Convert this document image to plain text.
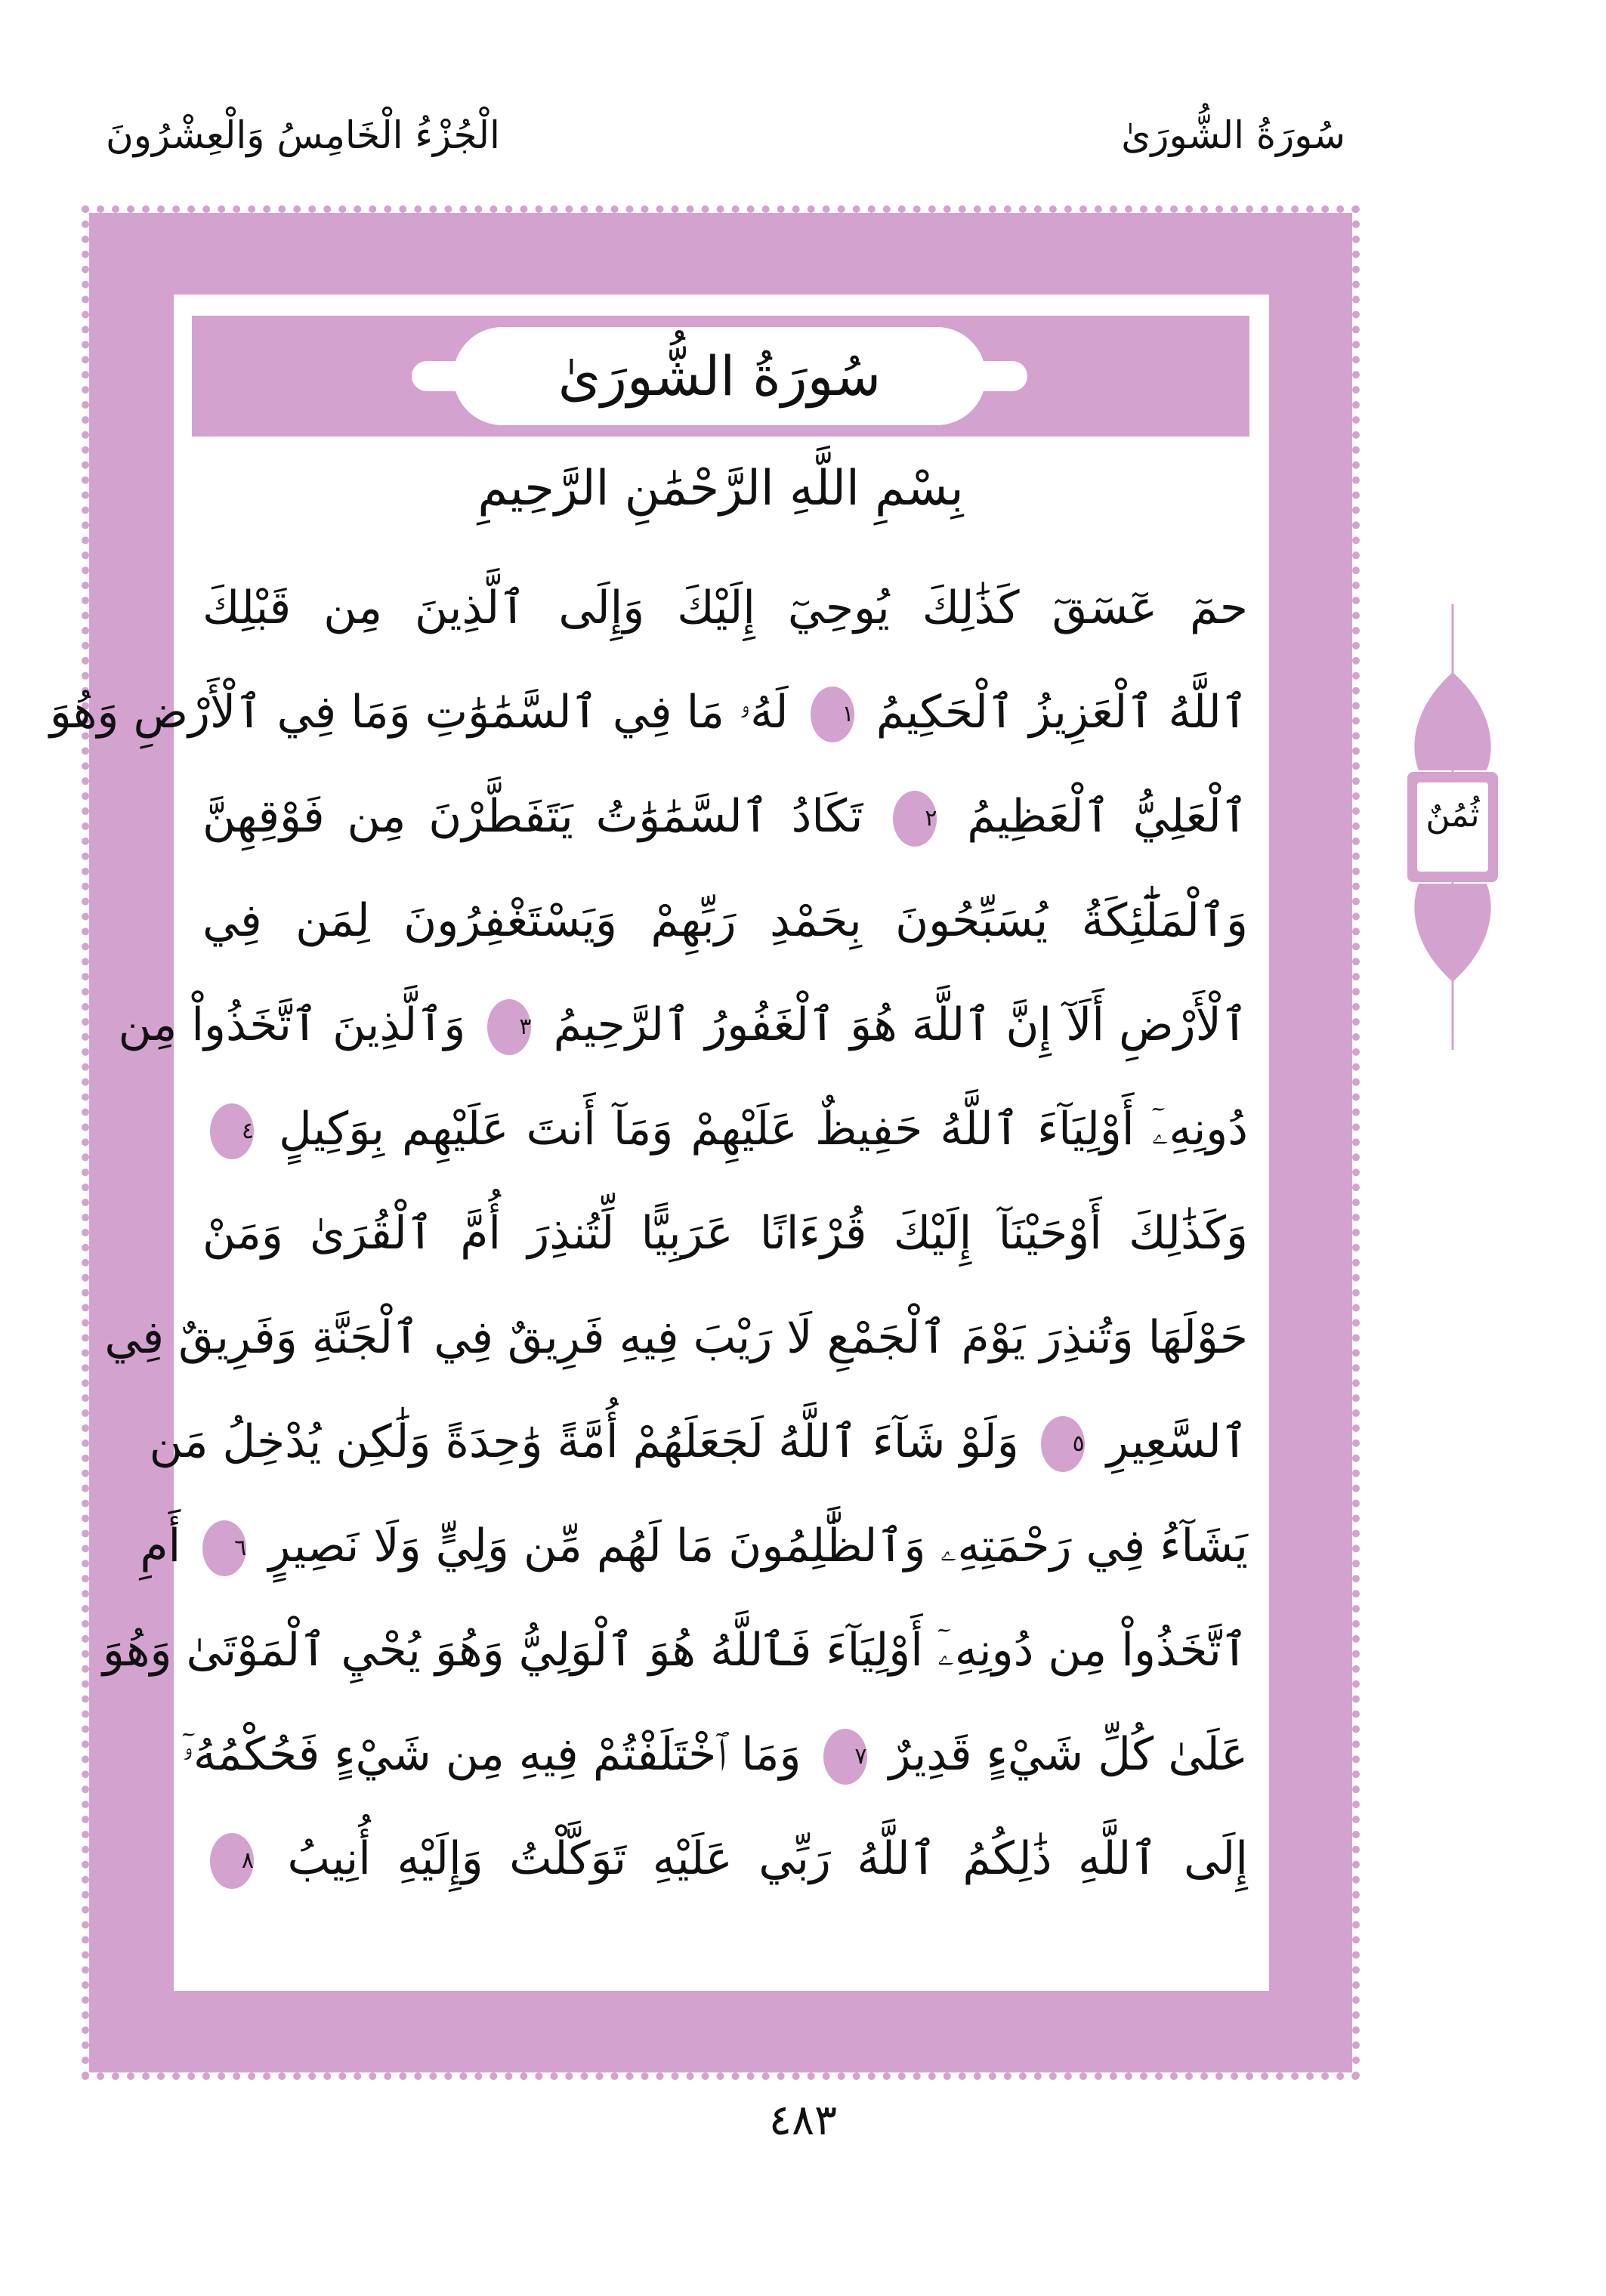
سُورَةُ الشُّورَىٰ
الْجُزْءُ الْخَامِسُ وَالْعِشْرُونَ
سُورَةُ الشُّورَىٰ
بِسْمِ اللَّهِ الرَّحْمَٰنِ الرَّحِيمِ
حمٓ عٓسٓقٓ كَذَٰلِكَ يُوحِيٓ إِلَيْكَ وَإِلَى ٱلَّذِينَ مِن قَبْلِكَ
ٱللَّهُ ٱلْعَزِيزُ ٱلْحَكِيمُ ١ لَهُۥ مَا فِي ٱلسَّمَٰوَٰتِ وَمَا فِي ٱلْأَرْضِ وَهُوَ
ٱلْعَلِيُّ ٱلْعَظِيمُ ٢ تَكَادُ ٱلسَّمَٰوَٰتُ يَتَفَطَّرْنَ مِن فَوْقِهِنَّ
وَٱلْمَلَٰٓئِكَةُ يُسَبِّحُونَ بِحَمْدِ رَبِّهِمْ وَيَسْتَغْفِرُونَ لِمَن فِي
ٱلْأَرْضِ أَلَآ إِنَّ ٱللَّهَ هُوَ ٱلْغَفُورُ ٱلرَّحِيمُ ٣ وَٱلَّذِينَ ٱتَّخَذُواْ مِن
دُونِهِۦٓ أَوْلِيَآءَ ٱللَّهُ حَفِيظٌ عَلَيْهِمْ وَمَآ أَنتَ عَلَيْهِم بِوَكِيلٍ ٤
وَكَذَٰلِكَ أَوْحَيْنَآ إِلَيْكَ قُرْءَانًا عَرَبِيًّا لِّتُنذِرَ أُمَّ ٱلْقُرَىٰ وَمَنْ
حَوْلَهَا وَتُنذِرَ يَوْمَ ٱلْجَمْعِ لَا رَيْبَ فِيهِ فَرِيقٌ فِي ٱلْجَنَّةِ وَفَرِيقٌ فِي
ٱلسَّعِيرِ ٥ وَلَوْ شَآءَ ٱللَّهُ لَجَعَلَهُمْ أُمَّةً وَٰحِدَةً وَلَٰكِن يُدْخِلُ مَن
يَشَآءُ فِي رَحْمَتِهِۦ وَٱلظَّٰلِمُونَ مَا لَهُم مِّن وَلِيٍّ وَلَا نَصِيرٍ ٦ أَمِ
ٱتَّخَذُواْ مِن دُونِهِۦٓ أَوْلِيَآءَ فَٱللَّهُ هُوَ ٱلْوَلِيُّ وَهُوَ يُحْيِ ٱلْمَوْتَىٰ وَهُوَ
عَلَىٰ كُلِّ شَيْءٍ قَدِيرٌ ٧ وَمَا ٱخْتَلَفْتُمْ فِيهِ مِن شَيْءٍ فَحُكْمُهُۥٓ
إِلَى ٱللَّهِ ذَٰلِكُمُ ٱللَّهُ رَبِّي عَلَيْهِ تَوَكَّلْتُ وَإِلَيْهِ أُنِيبُ ٨
ثُمُنٌ
٤٨٣
